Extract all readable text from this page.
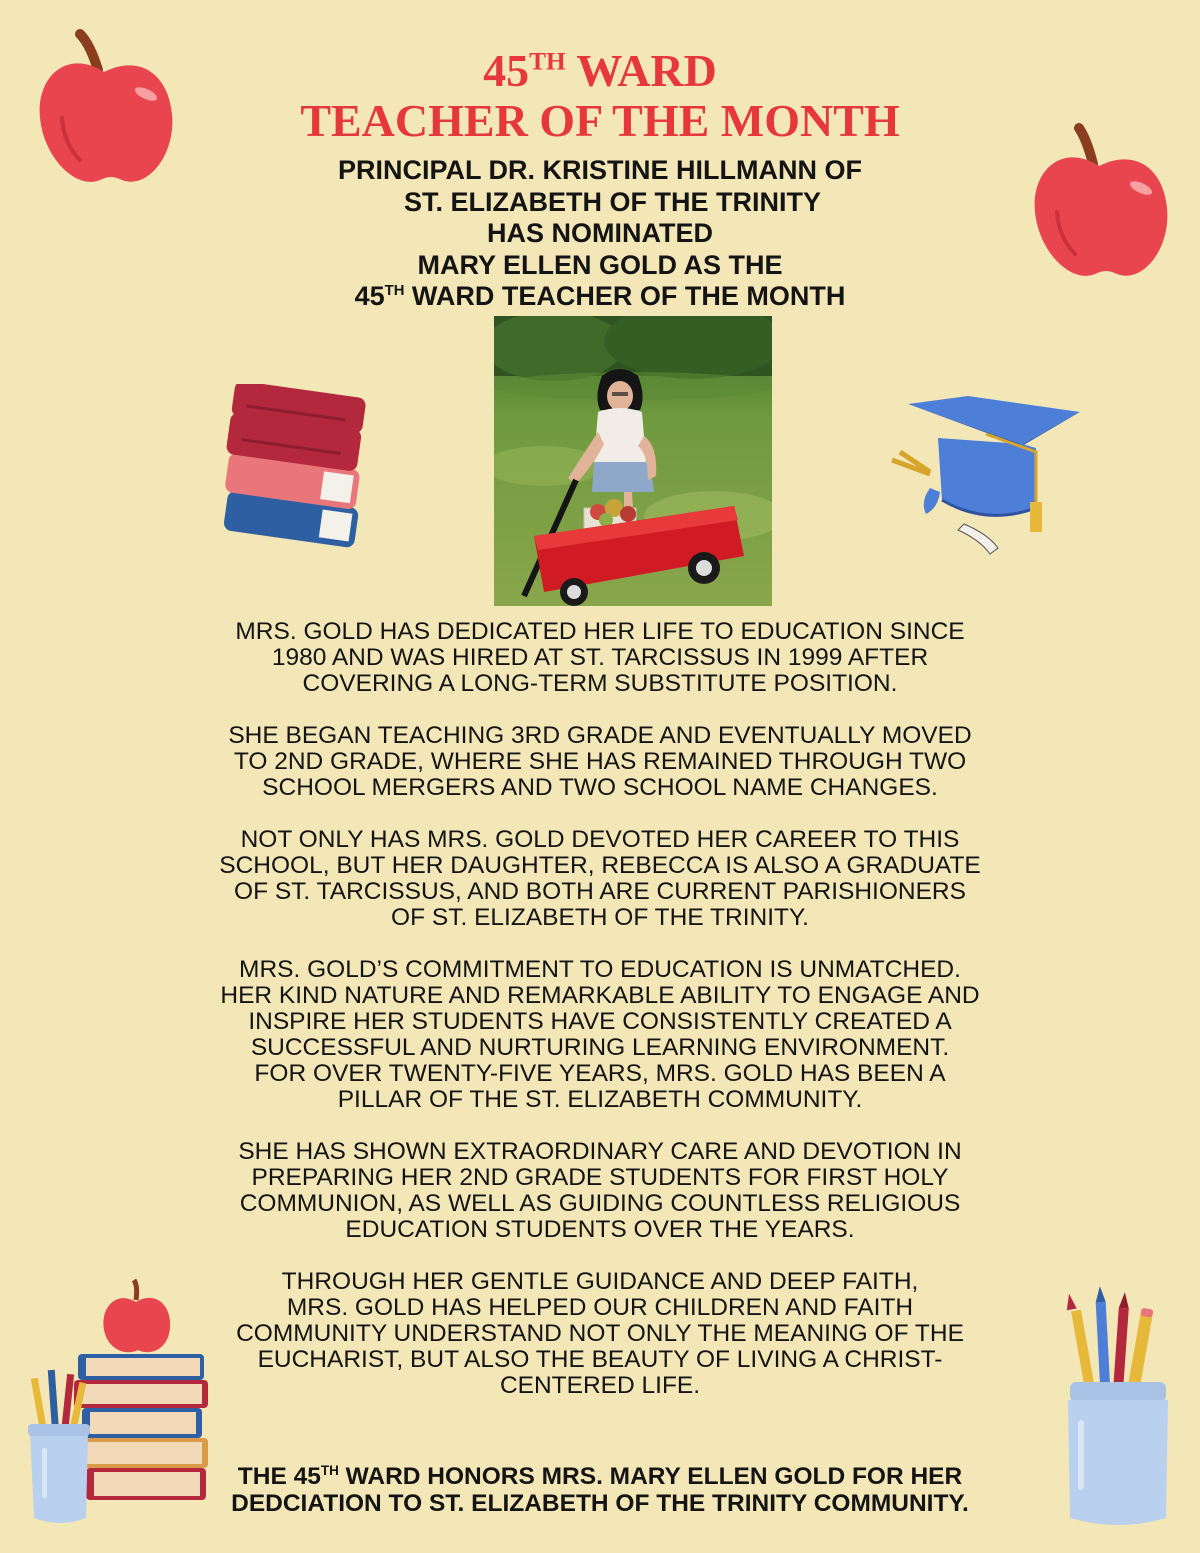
45TH WARD
TEACHER OF THE MONTH
PRINCIPAL DR. KRISTINE HILLMANN OF
ST. ELIZABETH OF THE TRINITY
HAS NOMINATED
MARY ELLEN GOLD AS THE
45TH WARD TEACHER OF THE MONTH
MRS. GOLD HAS DEDICATED HER LIFE TO EDUCATION SINCE
1980 AND WAS HIRED AT ST. TARCISSUS IN 1999 AFTER
COVERING A LONG-TERM SUBSTITUTE POSITION.
SHE BEGAN TEACHING 3RD GRADE AND EVENTUALLY MOVED
TO 2ND GRADE, WHERE SHE HAS REMAINED THROUGH TWO
SCHOOL MERGERS AND TWO SCHOOL NAME CHANGES.
NOT ONLY HAS MRS. GOLD DEVOTED HER CAREER TO THIS
SCHOOL, BUT HER DAUGHTER, REBECCA IS ALSO A GRADUATE
OF ST. TARCISSUS, AND BOTH ARE CURRENT PARISHIONERS
OF ST. ELIZABETH OF THE TRINITY.
MRS. GOLD’S COMMITMENT TO EDUCATION IS UNMATCHED.
HER KIND NATURE AND REMARKABLE ABILITY TO ENGAGE AND
INSPIRE HER STUDENTS HAVE CONSISTENTLY CREATED A
SUCCESSFUL AND NURTURING LEARNING ENVIRONMENT.
FOR OVER TWENTY-FIVE YEARS, MRS. GOLD HAS BEEN A
PILLAR OF THE ST. ELIZABETH COMMUNITY.
SHE HAS SHOWN EXTRAORDINARY CARE AND DEVOTION IN
PREPARING HER 2ND GRADE STUDENTS FOR FIRST HOLY
COMMUNION, AS WELL AS GUIDING COUNTLESS RELIGIOUS
EDUCATION STUDENTS OVER THE YEARS.
THROUGH HER GENTLE GUIDANCE AND DEEP FAITH,
MRS. GOLD HAS HELPED OUR CHILDREN AND FAITH
COMMUNITY UNDERSTAND NOT ONLY THE MEANING OF THE
EUCHARIST, BUT ALSO THE BEAUTY OF LIVING A CHRIST-
CENTERED LIFE.
THE 45TH WARD HONORS MRS. MARY ELLEN GOLD FOR HER
DEDCIATION TO ST. ELIZABETH OF THE TRINITY COMMUNITY.
